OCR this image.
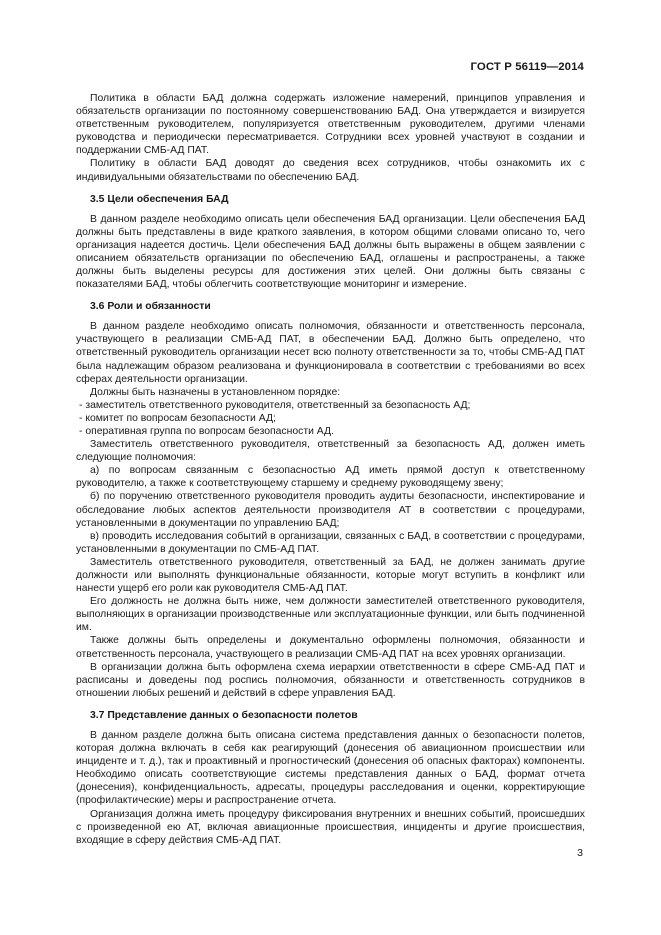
ГОСТ Р 56119—2014

Политика в области БАД должна содержать изложение намерений, принципов управления и обязательств организации по постоянному совершенствованию БАД. Она утверждается и визируется ответственным руководителем, популяризуется ответственным руководителем, другими членами руководства и периодически пересматривается. Сотрудники всех уровней участвуют в создании и поддержании СМБ-АД ПАТ.

Политику в области БАД доводят до сведения всех сотрудников, чтобы ознакомить их с индивидуальными обязательствами по обеспечению БАД.

3.5 Цели обеспечения БАД

В данном разделе необходимо описать цели обеспечения БАД организации. Цели обеспечения БАД должны быть представлены в виде краткого заявления, в котором общими словами описано то, чего организация надеется достичь. Цели обеспечения БАД должны быть выражены в общем заявлении с описанием обязательств организации по обеспечению БАД, оглашены и распространены, а также должны быть выделены ресурсы для достижения этих целей. Они должны быть связаны с показателями БАД, чтобы облегчить соответствующие мониторинг и измерение.

3.6 Роли и обязанности

В данном разделе необходимо описать полномочия, обязанности и ответственность персонала, участвующего в реализации СМБ-АД ПАТ, в обеспечении БАД. Должно быть определено, что ответственный руководитель организации несет всю полноту ответственности за то, чтобы СМБ-АД ПАТ была надлежащим образом реализована и функционировала в соответствии с требованиями во всех сферах деятельности организации.

Должны быть назначены в установленном порядке:

- заместитель ответственного руководителя, ответственный за безопасность АД;

- комитет по вопросам безопасности АД;

- оперативная группа по вопросам безопасности АД.

Заместитель ответственного руководителя, ответственный за безопасность АД, должен иметь следующие полномочия:

а) по вопросам связанным с безопасностью АД иметь прямой доступ к ответственному руководителю, а также к соответствующему старшему и среднему руководящему звену;

б) по поручению ответственного руководителя проводить аудиты безопасности, инспектирование и обследование любых аспектов деятельности производителя АТ в соответствии с процедурами, установленными в документации по управлению БАД;

в) проводить исследования событий в организации, связанных с БАД, в соответствии с процедурами, установленными в документации по СМБ-АД ПАТ.

Заместитель ответственного руководителя, ответственный за БАД, не должен занимать другие должности или выполнять функциональные обязанности, которые могут вступить в конфликт или нанести ущерб его роли как руководителя СМБ-АД ПАТ.

Его должность не должна быть ниже, чем должности заместителей ответственного руководителя, выполняющих в организации производственные или эксплуатационные функции, или быть подчиненной им.

Также должны быть определены и документально оформлены полномочия, обязанности и ответственность персонала, участвующего в реализации СМБ-АД ПАТ на всех уровнях организации.

В организации должна быть оформлена схема иерархии ответственности в сфере СМБ-АД ПАТ и расписаны и доведены под роспись полномочия, обязанности и ответственность сотрудников в отношении любых решений и действий в сфере управления БАД.

3.7 Представление данных о безопасности полетов

В данном разделе должна быть описана система представления данных о безопасности полетов, которая должна включать в себя как реагирующий (донесения об авиационном происшествии или инциденте и т. д.), так и проактивный и прогностический (донесения об опасных факторах) компоненты. Необходимо описать соответствующие системы представления данных о БАД, формат отчета (донесения), конфиденциальность, адресаты, процедуры расследования и оценки, корректирующие (профилактические) меры и распространение отчета.

Организация должна иметь процедуру фиксирования внутренних и внешних событий, происшедших с произведенной ею АТ, включая авиационные происшествия, инциденты и другие происшествия, входящие в сферу действия СМБ-АД ПАТ.

3
